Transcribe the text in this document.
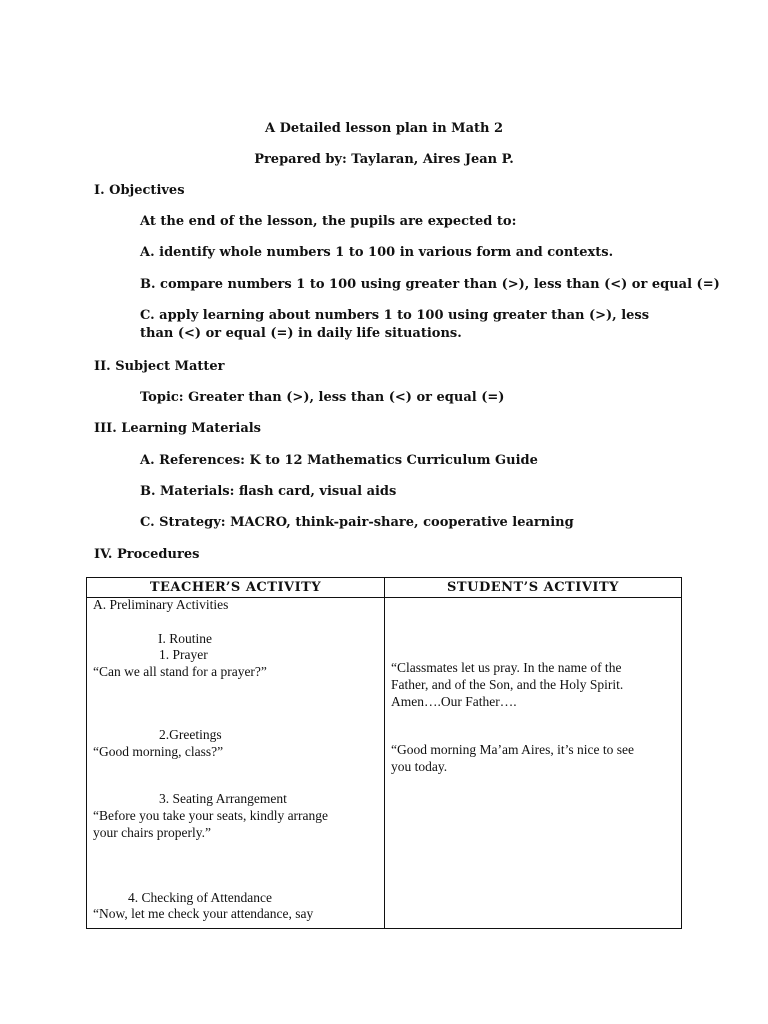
A Detailed lesson plan in Math 2
Prepared by: Taylaran, Aires Jean P.
I. Objectives
At the end of the lesson, the pupils are expected to:
A. identify whole numbers 1 to 100 in various form and contexts.
B. compare numbers 1 to 100 using greater than (>), less than (<) or equal (=)
C. apply learning about numbers 1 to 100 using greater than (>), less than (<) or equal (=) in daily life situations.
II. Subject Matter
Topic: Greater than (>), less than (<) or equal (=)
III. Learning Materials
A. References: K to 12 Mathematics Curriculum Guide
B. Materials: flash card, visual aids
C. Strategy: MACRO, think-pair-share, cooperative learning
IV. Procedures
TEACHER’S ACTIVITY	STUDENT’S ACTIVITY
A. Preliminary Activities
I. Routine
1. Prayer
“Can we all stand for a prayer?”
2.Greetings
“Good morning, class?”
3. Seating Arrangement
“Before you take your seats, kindly arrange
your chairs properly.”
4. Checking of Attendance
“Now, let me check your attendance, say
“Classmates let us pray. In the name of the
Father, and of the Son, and the Holy Spirit.
Amen….Our Father….
“Good morning Ma’am Aires, it’s nice to see
you today.
